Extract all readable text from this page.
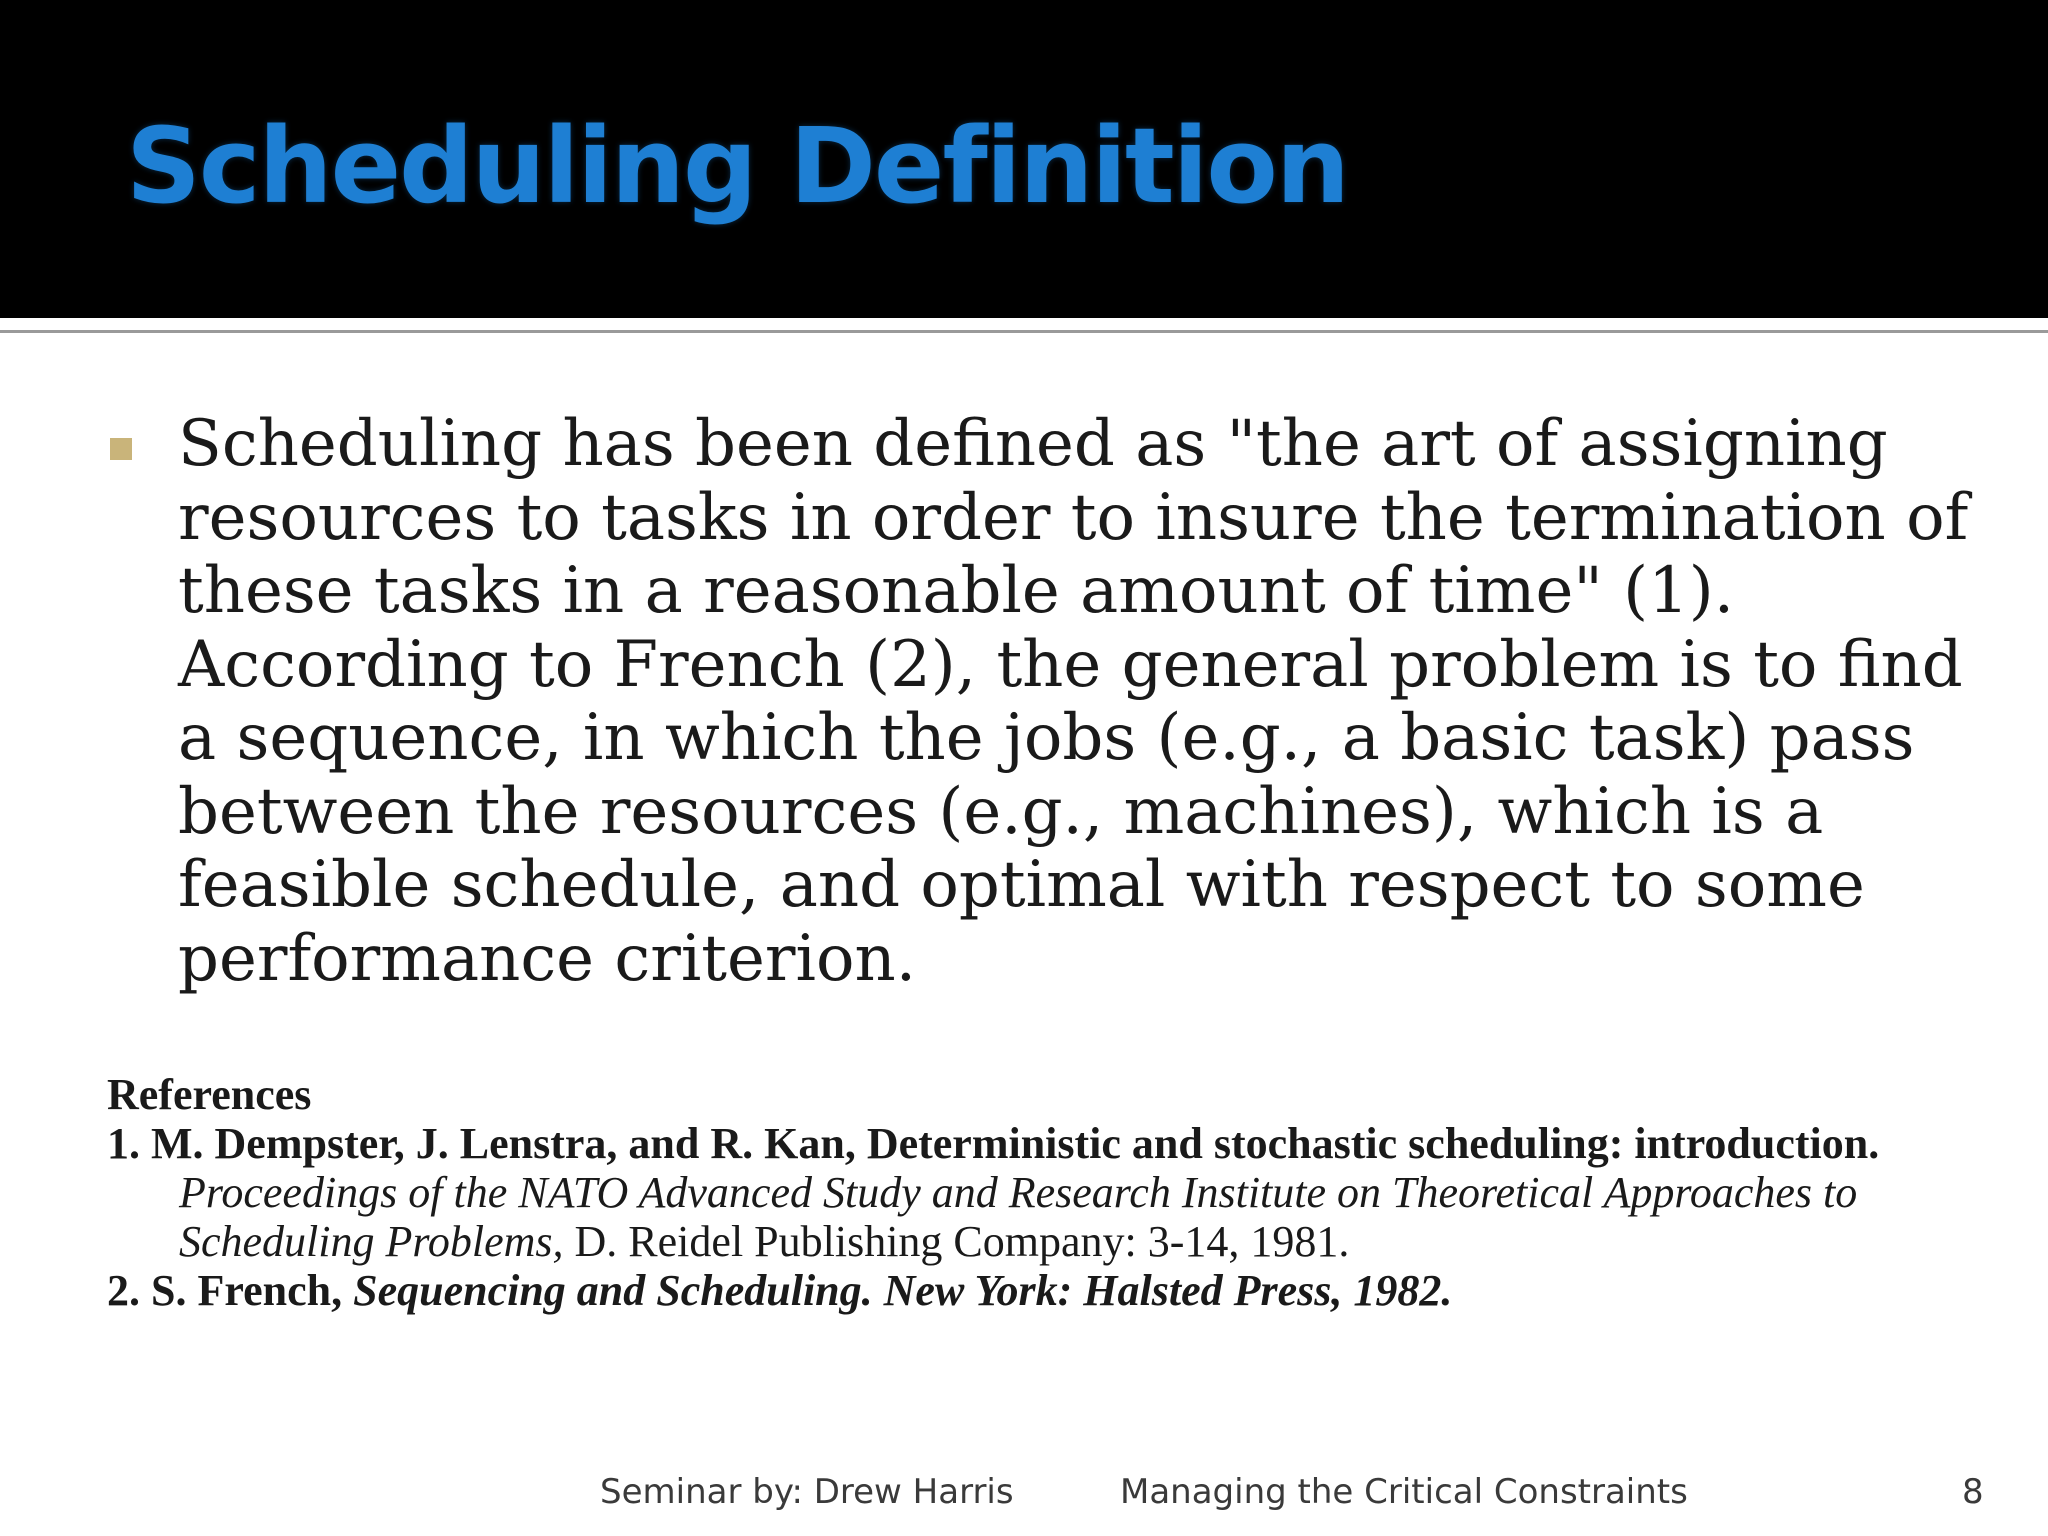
Scheduling Definition
Scheduling has been defined as "the art of assigning resources to tasks in order to insure the termination of these tasks in a reasonable amount of time" (1). According to French (2), the general problem is to find a sequence, in which the jobs (e.g., a basic task) pass between the resources (e.g., machines), which is a feasible schedule, and optimal with respect to some performance criterion.
References
1. M. Dempster, J. Lenstra, and R. Kan, Deterministic and stochastic scheduling: introduction. Proceedings of the NATO Advanced Study and Research Institute on Theoretical Approaches to Scheduling Problems, D. Reidel Publishing Company: 3-14, 1981.
2. S. French, Sequencing and Scheduling. New York: Halsted Press, 1982.
Seminar by: Drew Harris	Managing the Critical Constraints	8
